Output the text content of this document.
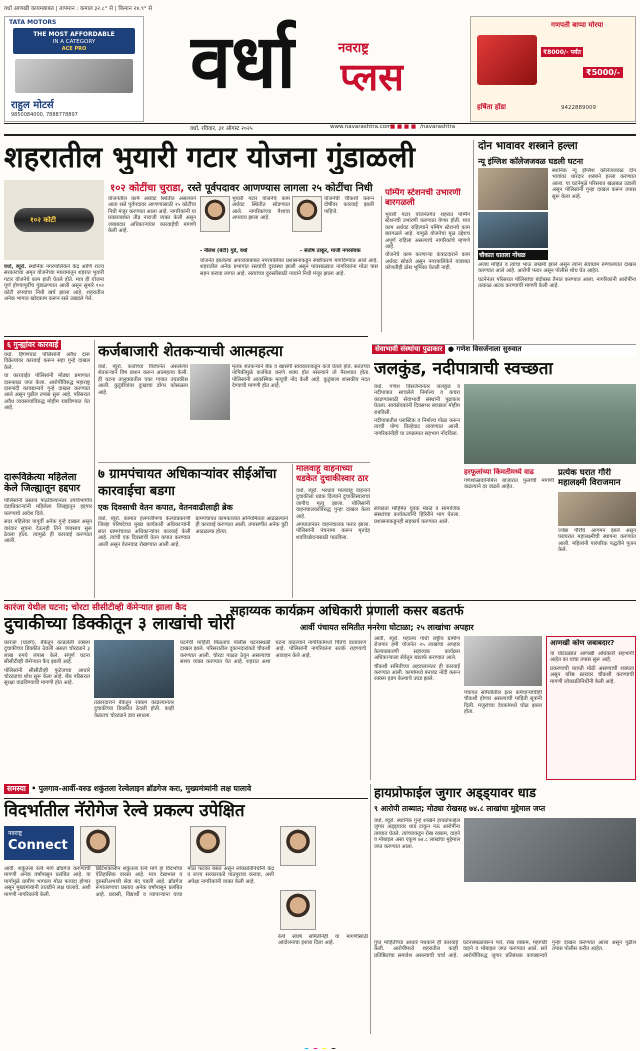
वर्धा आणखी कायमबाबत | तापमान : कमाल ३२.८° से | किमान २४.९° से
TATA MOTORS
THE MOST AFFORDABLE
IN A CATEGORY
ACE PRO
राहुल मोटर्स
9850084000, 7888778897
वर्धा	नवराष्ट्र
प्लस
गणपती बाप्पा मोरया
₹8000/- पर्यंत
₹5000/-
हर्षिता होंडा	9422889009
वर्धा, रविवार, ३१ ऑगस्ट २०२५	www.navarashtra.com
■ ■ ■ ■ /navarashtra
शहरातील भुयारी गटार योजना गुंडाळली
१०२ कोटींचा चुराडा, रस्ते पूर्वपदावर आणण्यास लागला २५ कोटींचा निधी
१०२ कोटी
भुयारी गटार योजनेचे काम अर्धवट स्थितीत सोडण्यात आले. नागरिकांच्या पैशाचा अपव्यय झाला आहे.
योजनेची चौकशी करून दोषींवर कारवाई झाली पाहिजे.
- नीलेश (बंटी) गुडे, वर्धा	- संतोष ठाकूर, माजी नगरसेवक

वर्धा, ब्यूरो. स्थानिक नगरपालिकेने केंद्र आणि राज्य सरकारच्या अमृत योजनेच्या माध्यमातून शहरात भुयारी गटार योजनेचे काम हाती घेतले होते. मात्र ही योजना पूर्ण होण्यापूर्वीच गुंडाळण्यात आली असून सुमारे १०२ कोटी रुपयांचा निधी खर्च झाला आहे. शहरातील अनेक भागात खोदकाम करून रस्ते उखडले गेले.

योजनेतील कामे अर्धवट स्थितीत असल्याने आता रस्ते पूर्वपदावर आणण्यासाठी २५ कोटींचा निधी मंजूर करण्यात आला आहे. नागरिकांनी या प्रकाराबाबत तीव्र नाराजी व्यक्त केली असून जबाबदार अधिकाऱ्यांवर कारवाईची मागणी केली आहे.

योजनेत झालेल्या अपव्ययाबाबत नगरपालिका प्रशासनाकडून स्पष्टीकरण मागविण्यात आले आहे. शहरातील अनेक प्रभागांत रस्त्यांची दुरवस्था झाली असून पावसाळ्यात नागरिकांना मोठा त्रास सहन करावा लागत आहे. रस्त्यांच्या दुरुस्तीसाठी नव्याने निधी मंजूर झाला आहे.

पम्पिंग स्टेशनची उभारणी बारगळली

भुयारी गटार योजनेंतर्गत शहरात पम्पिंग स्टेशनची उभारणी करण्यात येणार होती. मात्र काम अर्धवट राहिल्याने पम्पिंग स्टेशनचे काम बारगळले आहे. यामुळे योजनेचा मूळ उद्देशच अपूर्ण राहिला असल्याचे नागरिकांचे म्हणणे आहे.

योजनेचे काम करणाऱ्या कंत्राटदाराने काम अर्धवट सोडले असून नगरपालिकेने याबाबत कोणतीही ठोस भूमिका घेतली नाही.

दोन भावावर शस्त्राने हल्ला
न्यू इंग्लिश कॉलेजजवळ घडली घटना

स्थानिक न्यू इंग्लिश कॉलेजजवळ दोन भावांवर धारदार शस्त्राने हल्ला करण्यात आला. या घटनेमुळे परिसरात खळबळ उडाली असून पोलिसांनी गुन्हा दाखल करून तपास सुरू केला आहे.

चौकात घातला गोंधळ

अजय मोहिते व त्यांचा भाऊ जखमी झाले असून त्यांना सेवाग्राम रुग्णालयात दाखल करण्यात आले आहे. आरोपी फरार असून पोलीस शोध घेत आहेत.

घटनेनंतर परिसरात पोलिसांचा बंदोबस्त तैनात करण्यात आला. नागरिकांनी आरोपींना तत्काळ अटक करण्याची मागणी केली आहे.

सेवाभावी संस्थांचा पुढाकार ● गणेश विसर्जनाला सुरुवात
६ गुन्ह्यांवर कारवाई

वर्धा. हिंगणघाट पोलिसांनी अवैध दारू विक्रेत्यांवर कारवाई करून सहा गुन्हे दाखल केले.

या कारवाईत पोलिसांनी मोठ्या प्रमाणात दारूसाठा जप्त केला. आरोपींविरुद्ध महाराष्ट्र दारूबंदी कायद्यान्वये गुन्हे दाखल करण्यात आले असून पुढील तपास सुरू आहे. परिसरात अवैध व्यवसायांविरुद्ध मोहीम राबविण्यात येत आहे.

दारूविक्रेत्या महिलेला केले जिल्ह्यातून हद्दपार

पोलिसांनी प्रस्ताव पाठविल्यानंतर उपविभागीय दंडाधिकाऱ्यांनी महिलेला जिल्ह्यातून हद्दपार करण्याचे आदेश दिले.

सदर महिलेवर यापूर्वी अनेक गुन्हे दाखल असून वारंवार सूचना देऊनही तिने व्यवसाय सुरू ठेवला होता. त्यामुळे ही कारवाई करण्यात आली.

कर्जबाजारी शेतकऱ्याची आत्महत्या

वर्धा, ब्यूरो. कर्जाच्या विवंचनेत असलेल्या शेतकऱ्याने विष प्राशन करून आत्महत्या केली. ही घटना तालुक्यातील एका गावात उघडकीस आली. कुटुंबीयांवर दुःखाचा डोंगर कोसळला आहे.

मृतक शेतकऱ्याने बँक व खासगी सावकाराकडून कर्ज घेतले होते. सततच्या नापिकीमुळे कर्जफेड करणे शक्य होत नसल्याने तो नैराश्यात होता. पोलिसांनी आकस्मिक मृत्यूची नोंद केली आहे. कुटुंबाला शासकीय मदत देण्याची मागणी होत आहे.

७ ग्रामपंचायत अधिकाऱ्यांवर सीईओंचा कारवाईचा बडगा
एक दिवसाची वेतन कपात, वेतनवाढीलाही ब्रेक

वर्धा, ब्यूरो. कामात हलगर्जीपणा केल्याप्रकरणी जिल्हा परिषदेच्या मुख्य कार्यकारी अधिकाऱ्यांनी सात ग्रामपंचायत अधिकाऱ्यांवर कारवाई केली आहे. त्यांची एक दिवसाची वेतन कपात करण्यात आली असून वेतनवाढ रोखण्यात आली आहे.

ग्रामपंचायत कामकाजात अनियमितता आढळल्याने ही कारवाई करण्यात आली. तपासणीत अनेक त्रुटी आढळल्या होत्या.

मालवाहू वाहनाच्या धडकेत दुचाकीस्वार ठार

वर्धा, ब्यूरो. भरधाव मालवाहू वाहनाने दुचाकीला धडक दिल्याने दुचाकीस्वाराचा जागीच मृत्यू झाला. पोलिसांनी वाहनचालकाविरुद्ध गुन्हा दाखल केला आहे.

अपघातानंतर वाहनचालक फरार झाला. पोलिसांनी पंचनामा करून मृतदेह शवविच्छेदनासाठी पाठविला.

जलकुंड, नदीपात्राची स्वच्छता

वर्धा. गणेश विसर्जनानंतर जलकुंड व नदीपात्रात साचलेले निर्माल्य व कचरा काढण्यासाठी सेवाभावी संस्थांनी पुढाकार घेतला. स्वयंसेवकांनी दिवसभर स्वच्छता मोहीम राबविली.

नदीपात्रातील प्लास्टिक व निर्माल्य गोळा करून त्याची योग्य विल्हेवाट लावण्यात आली. नागरिकांनीही या उपक्रमात सहभाग नोंदविला.

हरफूलांच्या किंमतीमध्ये वाढ

गणेशोत्सवानिमित्त बाजारात फुलांची मागणी वाढल्याने दर वाढले आहेत.

स्वच्छता मोहिमेत युवक मंडळे व सामाजिक संस्थांच्या कार्यकर्त्यांनी हिरिरीने भाग घेतला. प्रशासनाकडूनही सहकार्य करण्यात आले.

प्रत्येक घरात गौरी महालक्ष्मी विराजमान

ज्येष्ठा गौरींचे आगमन झाले असून घराघरात महालक्ष्मीची स्थापना करण्यात आली. महिलांनी पारंपरिक पद्धतीने पूजन केले.

कारंजा येथील घटना; चोरटा सीसीटीव्ही कॅमेऱ्यात झाला कैद
दुचाकीच्या डिक्कीतून ३ लाखांची चोरी

कारंजा (घाडगे). बँकेतून काढलेली रक्कम दुचाकीच्या डिक्कीत ठेवली असता चोरट्याने ३ लाख रुपये लंपास केले. संपूर्ण घटना सीसीटीव्ही कॅमेऱ्यात कैद झाली आहे.

पोलिसांनी सीसीटीव्ही फुटेजच्या आधारे चोरट्याचा शोध सुरू केला आहे. बँक परिसरात सुरक्षा वाढविण्याची मागणी होत आहे.

तक्रारदाराने बँकेतून रक्कम काढल्यानंतर दुचाकीच्या डिक्कीत ठेवली होती. काही वेळातच चोरट्याने डाव साधला.

घटनेची माहिती मिळताच पोलीस घटनास्थळी दाखल झाले. परिसरातील दुकानदारांकडे चौकशी करण्यात आली. चोरटा पाळत ठेवून असल्याचा संशय व्यक्त करण्यात येत आहे. शहरात अशा घटना वाढल्याने नागरिकांमध्ये चिंतेचे वातावरण आहे. पोलिसांनी नागरिकांना सतर्क राहण्याचे आवाहन केले आहे.

सहाय्यक कार्यक्रम अधिकारी प्रणाली कसर बडतर्फ
आर्वी पंचायत समितीत मनरेगा घोटाळा; २५ लाखांचा अपहार

आर्वी, ब्यूरो. महात्मा गांधी राष्ट्रीय ग्रामीण रोजगार हमी योजनेत २५ लाखांचा अपहार केल्याप्रकरणी सहाय्यक कार्यक्रम अधिकाऱ्याला सेवेतून बडतर्फ करण्यात आले.

चौकशी समितीच्या अहवालानंतर ही कारवाई करण्यात आली. कामांमध्ये बनावट नोंदी करून रक्कम हडप केल्याचे उघड झाले.

पंचायत समितीतील इतर कर्मचाऱ्यांचीही चौकशी होणार असल्याची माहिती सूत्रांनी दिली. मजुरांच्या देयकांमध्ये घोळ झाला होता.

आणखी कोण जबाबदार?

या घोटाळ्यात आणखी अधिकारी सहभागी आहेत का याचा तपास सुरू आहे.

प्रकरणाची व्याप्ती मोठी असण्याची शक्यता असून वरिष्ठ स्तरावर चौकशी करण्याची मागणी लोकप्रतिनिधींनी केली आहे.

समस्या • पुलगाव-आर्वी-वरुड शकुंतला रेल्वेलाइन ब्रॉडगेज करा, मुख्यमंत्र्यांनी लक्ष घालावे	हायप्रोफाईल जुगार अड्ड्यावर धाड
९ आरोपी ताब्यात; मोठ्या रोखसह ७४.८ लाखांचा मुद्देमाल जप्त

वर्धा, ब्यूरो. स्थानिक गुन्हे शाखेने हायप्रोफाईल जुगार अड्ड्यावर धाड टाकून नऊ आरोपींना ताब्यात घेतले. त्यांच्याकडून रोख रक्कम, वाहने व मोबाइल असा एकूण ७४.८ लाखांचा मुद्देमाल जप्त करण्यात आला.

गुप्त माहितीच्या आधारे पथकाने ही कारवाई केली. आरोपींमध्ये शहरातील काही प्रतिष्ठितांचा समावेश असल्याची चर्चा आहे. घटनास्थळावरून पत्ते, रोख रक्कम, महागडी वाहने व मोबाइल जप्त करण्यात आले. सर्व आरोपींविरुद्ध जुगार प्रतिबंधक कायद्यान्वये गुन्हा दाखल करण्यात आला असून पुढील तपास पोलीस करीत आहेत.

विदर्भातील नॅरोगेज रेल्वे प्रकल्प उपेक्षित
नवराष्ट्र
Connect

आर्वी. शकुंतला रेल्वे मार्ग ब्रॉडगेज करण्याची मागणी अनेक वर्षांपासून प्रलंबित आहे. या मार्गामुळे ग्रामीण भागाला मोठा फायदा होणार असून मुख्यमंत्र्यांनी तातडीने लक्ष घालावे, अशी मागणी नागरिकांनी केली.

ब्रिटिशकालीन शकुंतला रेल्वे मार्ग हा विदर्भाचा ऐतिहासिक वारसा आहे. मात्र देखभाल व दुरुस्तीअभावी सेवा बंद पडली आहे. ब्रॉडगेज रूपांतरणाचा प्रस्ताव अनेक वर्षांपासून प्रलंबित आहे. प्रवासी, विद्यार्थी व व्यापाऱ्यांना याचा मोठा फटका बसत असून लोकप्रतिनिधींनी केंद्र व राज्य सरकारकडे पाठपुरावा करावा, अशी अपेक्षा नागरिकांनी व्यक्त केली आहे.

रेल्वे संघर्ष समितीनेही या मागणीसाठी आंदोलनाचा इशारा दिला आहे.
